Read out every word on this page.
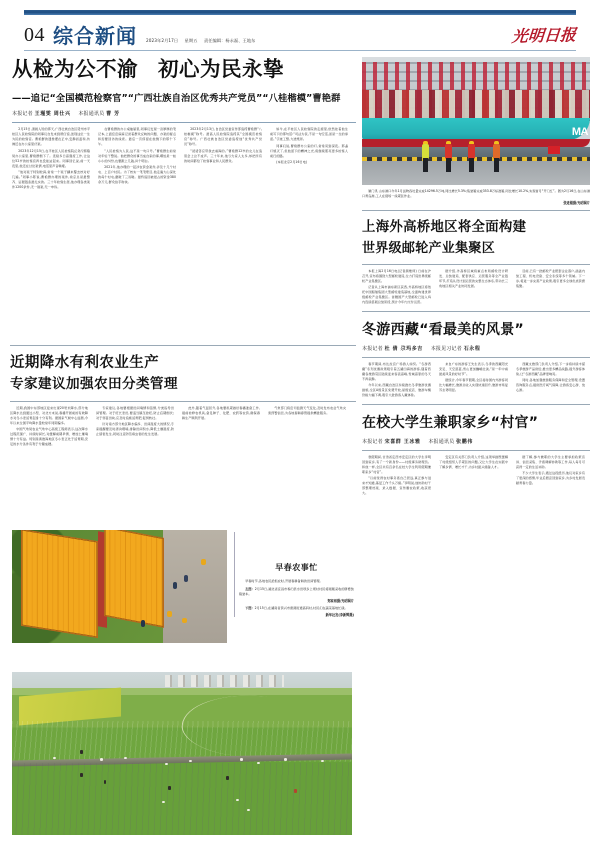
04 综合新闻 2023年2月17日 星期五 责任编辑：杨永磊、王地东	光明日报
从检为公不渝 初心为民永挚
——追记“全国模范检察官”“广西壮族自治区优秀共产党员”“八桂楷模”曹艳群
本报记者 王瑾雯 周仕兴 本报通讯员 曹 芳

2月15日,清晨入殓的那天,广西壮族自治区贺州市平桂区人民检察院的同事们自发来到殡仪馆,送别这位一生为民的检察官。曹艳群的遗像摆在正中,安静而温和,仿佛还在办公室里伏案。

2023年12月15日,在平桂区人民检察院反贪污贿赂局办公室里,曹艳群倒下了。连续多日高强度工作,让这位52岁的检察官再也没能站起来。同事回忆说,前一天夜里,他还在讨论案情,电话里声音嘶哑。

“他对案子特别较真,常常一个案子翻来覆去核对好几遍。”同事小陈说,曹艳群办理的案件,卷宗总是最整齐、证据链条最扎实的。三十年检察生涯,他办理各类案件1200余件,无一错案,无一申诉。

在曹艳群的办公桌抽屉里,同事们发现一沓厚厚的笔记本,上面密密麻麻记录着群众反映的问题、办案的疑点和需要回访的线索。最后一页停留在他倒下的那个下午。

“人民检察为人民,这不是一句口号。”曹艳群生前常对年轻干警说。他把群众的事当成自家的事,哪怕是一桩小小的纠纷,也要跑上几趟,问个明白。

2021年,他办理的一起涉农资金案件,涉及十几个村屯、上百户村民。为了核实一笔笔账目,他走遍大山深处的每个村屯,磨破了三双鞋。最终追回被侵占的资金380余万元,群众拍手称快。

2023年2月13日,自治区党委宣传部追授曹艳群“八桂楷模”称号。最高人民检察院追授其“全国模范检察官”称号。广西壮族自治区党委追授他“优秀共产党员”称号。

“爸爸答应带我去看海的。”曹艳群12岁的女儿在追思会上泣不成声。三十年来,他亏欠家人太多,却把所有的时间都给了检察事业和人民群众。

如今,在平桂区人民检察院的走廊里,依然挂着他生前写下的那句话:“司法为民,不是一句空话,而是一生的承诺。”字迹工整,力透纸背。

同事们说,曹艳群办公室的灯,常常亮到深夜。那盏灯熄灭了,但他留下的精神之光,将继续照亮更多检察人前行的路。

(本报北京2月16日电)

近期降水有利农业生产
专家建议加强农田分类管理

近期,我国中东部地区迎来出现20毫米降水,部分地区降水达到通过小型、对北方来说,春播开展前的有效降水对冬小麦返青起身十分有利。据国家气候中心监测,今年以来全国平均降水量较常年同期偏多。

中国气象局农业气象中心高级工程师表示,这次降水过程范围广、持续时间长,对缓解前期旱情、增加土壤墒情十分有益。特别是黄淮海地区冬小麦正处于返青期,充足的水分条件有利于分蘖成穗。

专家建议,各地要根据田间墒情和苗情,分类指导田间管理。对于旺长麦田,要适当镇压控旺,防止后期倒伏;对于弱苗田块,应及时追施返青肥,促弱转壮。

针对南方部分地区降水偏多、田间湿度大的情况,专家提醒要及时清沟理墒,排除田间积水,降低土壤湿度,防止渍害发生,同时注意防范病虫害的发生发展。

此外,随着气温回升,各地要抓紧做好春播准备工作,提前检修农机具,备足种子、化肥、农药等农资,确保春耕生产顺利开展。

气象部门将密切监测天气变化,及时发布农业气象灾害预警信息,为各地春耕春管提供精准服务。

早春农事忙

早春时节,各地农民抢抓农时,开展春耕备耕的田间管理。

左图：2月15日,湖北省宜昌市秭归县水田坝乡上坝村村民将刚刚采收的脐橙装箱装车。

郑家裕摄/光明图片

下图：2月15日,在湖南省资兴市唐洞街道高码村,村民们在蔬菜基地忙碌。

新华社发(李新辉摄)
MA

厦门讯 山东港口今年1月货物吞吐量完成14296.5万吨,同比增长5.3%;集装箱完成353.8万标准箱,同比增长10.2%,实现首月“开门红”。图为2月16日,在山东港口青岛港,工人在现场一线紧张作业。

张进刚摄/光明图片
上海外高桥地区将全面构建
世界级邮轮产业集聚区

本报上海2月16日电(记者颜维琦) 日前在沪召开,宣布将围绕大型邮轮建造,全力打造世界级邮轮产业集聚区。

记者从上海市浦东新区获悉,外高桥地区将依托中国船舶集团大型邮轮建造基地,全面构建世界级邮轮产业集聚区。首艘国产大型邮轮已进入坞内连续搭载总装阶段,预计今年内交付运营。

据介绍,外高桥区域将重点布局邮轮设计研发、总装建造、配套供应、运营服务等全产业链环节,打造从设计到运营的完整生态体系,带动长三角地区相关产业协同发展。

目前,已有一批邮轮产业配套企业落户,涵盖内装工程、机电设备、安全系统等多个领域。下一步,将进一步完善产业政策,吸引更多全球优质资源集聚。

冬游西藏“看最美的风景”
本报记者 杜 倩 尕玛多吉 本报见习记者 石永程

春节期间,布达拉宫广场游人如织。“冬游西藏”系列优惠政策吸引着五湖四海的游客,随着西藏各旅游景区陆续迎来客流高峰,雪域高原的冬天不再寂静。

今年以来,西藏自治区持续推出冬季旅游优惠措施,全区A级景区免费开放,星级饭店、旅游车辆价格大幅下调,吸引大批游客入藏体验。

来自广东的游客王先生表示,冬季的西藏阳光充足、天空湛蓝,雪山更加巍峨壮美,“是一年中看最美风景的好时节”。

据统计,今年春节假期,全区接待国内外游客同比大幅增长,旅游总收入实现快速回升,旅游市场复苏态势明显。

西藏文旅部门负责人介绍,下一步将持续丰富冬季旅游产品供给,推出更多精品线路,提升游客体验,让“冬游西藏”品牌更响亮。

同时,各地加强旅游服务保障和安全管理,设置咨询服务点,提供医疗氧气保障,让游客安心游、放心游。

在校大学生兼职家乡“村官”
本报记者 宋喜群 王冰雅 本报通讯员 张鹏伟

寒假期间,甘肃省定西市安定区的大学生李明回到家乡,有了一个新身份——村级事务助理员。和他一样,全区共有百余名在校大学生利用假期兼职家乡“村官”。

“以前觉得农村事务离自己很远,真正参与进来才知道,基层工作千头万绪。”李明说,他协助村干部整理档案、录入数据、宣传惠农政策,收获很大。

安定区有关部门负责人介绍,这项举措既缓解了村级组织人手紧张的问题,又让大学生在实践中了解乡情、增长才干,为乡村振兴储备人才。

据了解,参与兼职的大学生主要承担政策宣讲、信息采集、矛盾调解协助等工作,每人每月可获得一定的生活补助。

不少大学生表示,通过这段经历,他们对家乡有了更深的感情,毕业后愿意回到家乡,为乡村发展贡献青春力量。
